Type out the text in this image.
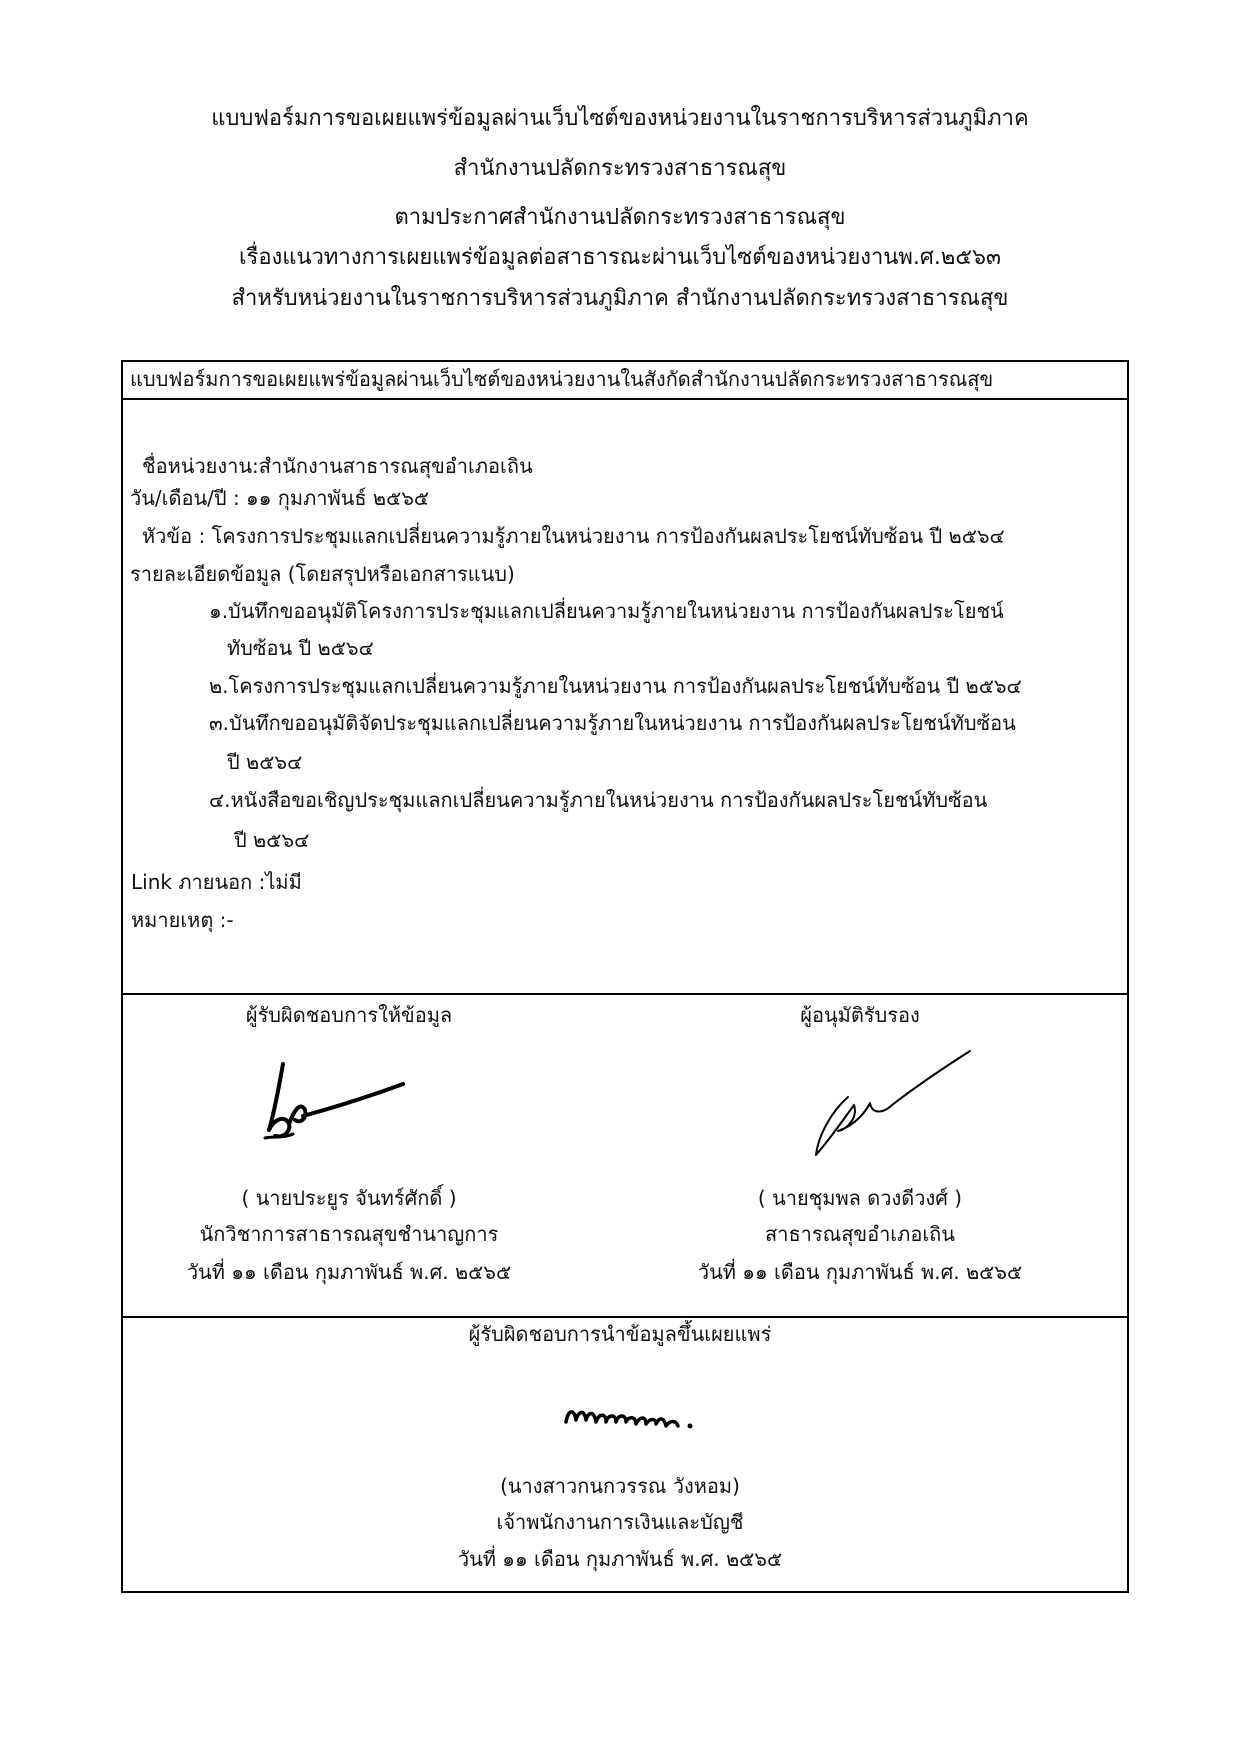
แบบฟอร์มการขอเผยแพร่ข้อมูลผ่านเว็บไซต์ของหน่วยงานในราชการบริหารส่วนภูมิภาค
สำนักงานปลัดกระทรวงสาธารณสุข
ตามประกาศสำนักงานปลัดกระทรวงสาธารณสุข
เรื่องแนวทางการเผยแพร่ข้อมูลต่อสาธารณะผ่านเว็บไซต์ของหน่วยงานพ.ศ.๒๕๖๓
สำหรับหน่วยงานในราชการบริหารส่วนภูมิภาค สำนักงานปลัดกระทรวงสาธารณสุข
แบบฟอร์มการขอเผยแพร่ข้อมูลผ่านเว็บไซต์ของหน่วยงานในสังกัดสำนักงานปลัดกระทรวงสาธารณสุข
ชื่อหน่วยงาน:สำนักงานสาธารณสุขอำเภอเถิน
วัน/เดือน/ปี : ๑๑ กุมภาพันธ์ ๒๕๖๕
หัวข้อ : โครงการประชุมแลกเปลี่ยนความรู้ภายในหน่วยงาน การป้องกันผลประโยชน์ทับซ้อน ปี ๒๕๖๔
รายละเอียดข้อมูล (โดยสรุปหรือเอกสารแนบ)
๑.บันทึกขออนุมัติโครงการประชุมแลกเปลี่ยนความรู้ภายในหน่วยงาน การป้องกันผลประโยชน์
ทับซ้อน ปี ๒๕๖๔
๒.โครงการประชุมแลกเปลี่ยนความรู้ภายในหน่วยงาน การป้องกันผลประโยชน์ทับซ้อน ปี ๒๕๖๔
๓.บันทึกขออนุมัติจัดประชุมแลกเปลี่ยนความรู้ภายในหน่วยงาน การป้องกันผลประโยชน์ทับซ้อน
ปี ๒๕๖๔
๔.หนังสือขอเชิญประชุมแลกเปลี่ยนความรู้ภายในหน่วยงาน การป้องกันผลประโยชน์ทับซ้อน
ปี ๒๕๖๔
Link ภายนอก :ไม่มี
หมายเหตุ :-
ผู้รับผิดชอบการให้ข้อมูล
( นายประยูร จันทร์ศักดิ์ )
นักวิชาการสาธารณสุขชำนาญการ
วันที่ ๑๑ เดือน กุมภาพันธ์ พ.ศ. ๒๕๖๕
ผู้อนุมัติรับรอง
( นายชุมพล ดวงดีวงศ์ )
สาธารณสุขอำเภอเถิน
วันที่ ๑๑ เดือน กุมภาพันธ์ พ.ศ. ๒๕๖๕
ผู้รับผิดชอบการนำข้อมูลขึ้นเผยแพร่
(นางสาวกนกวรรณ วังหอม)
เจ้าพนักงานการเงินและบัญชี
วันที่ ๑๑ เดือน กุมภาพันธ์ พ.ศ. ๒๕๖๕
